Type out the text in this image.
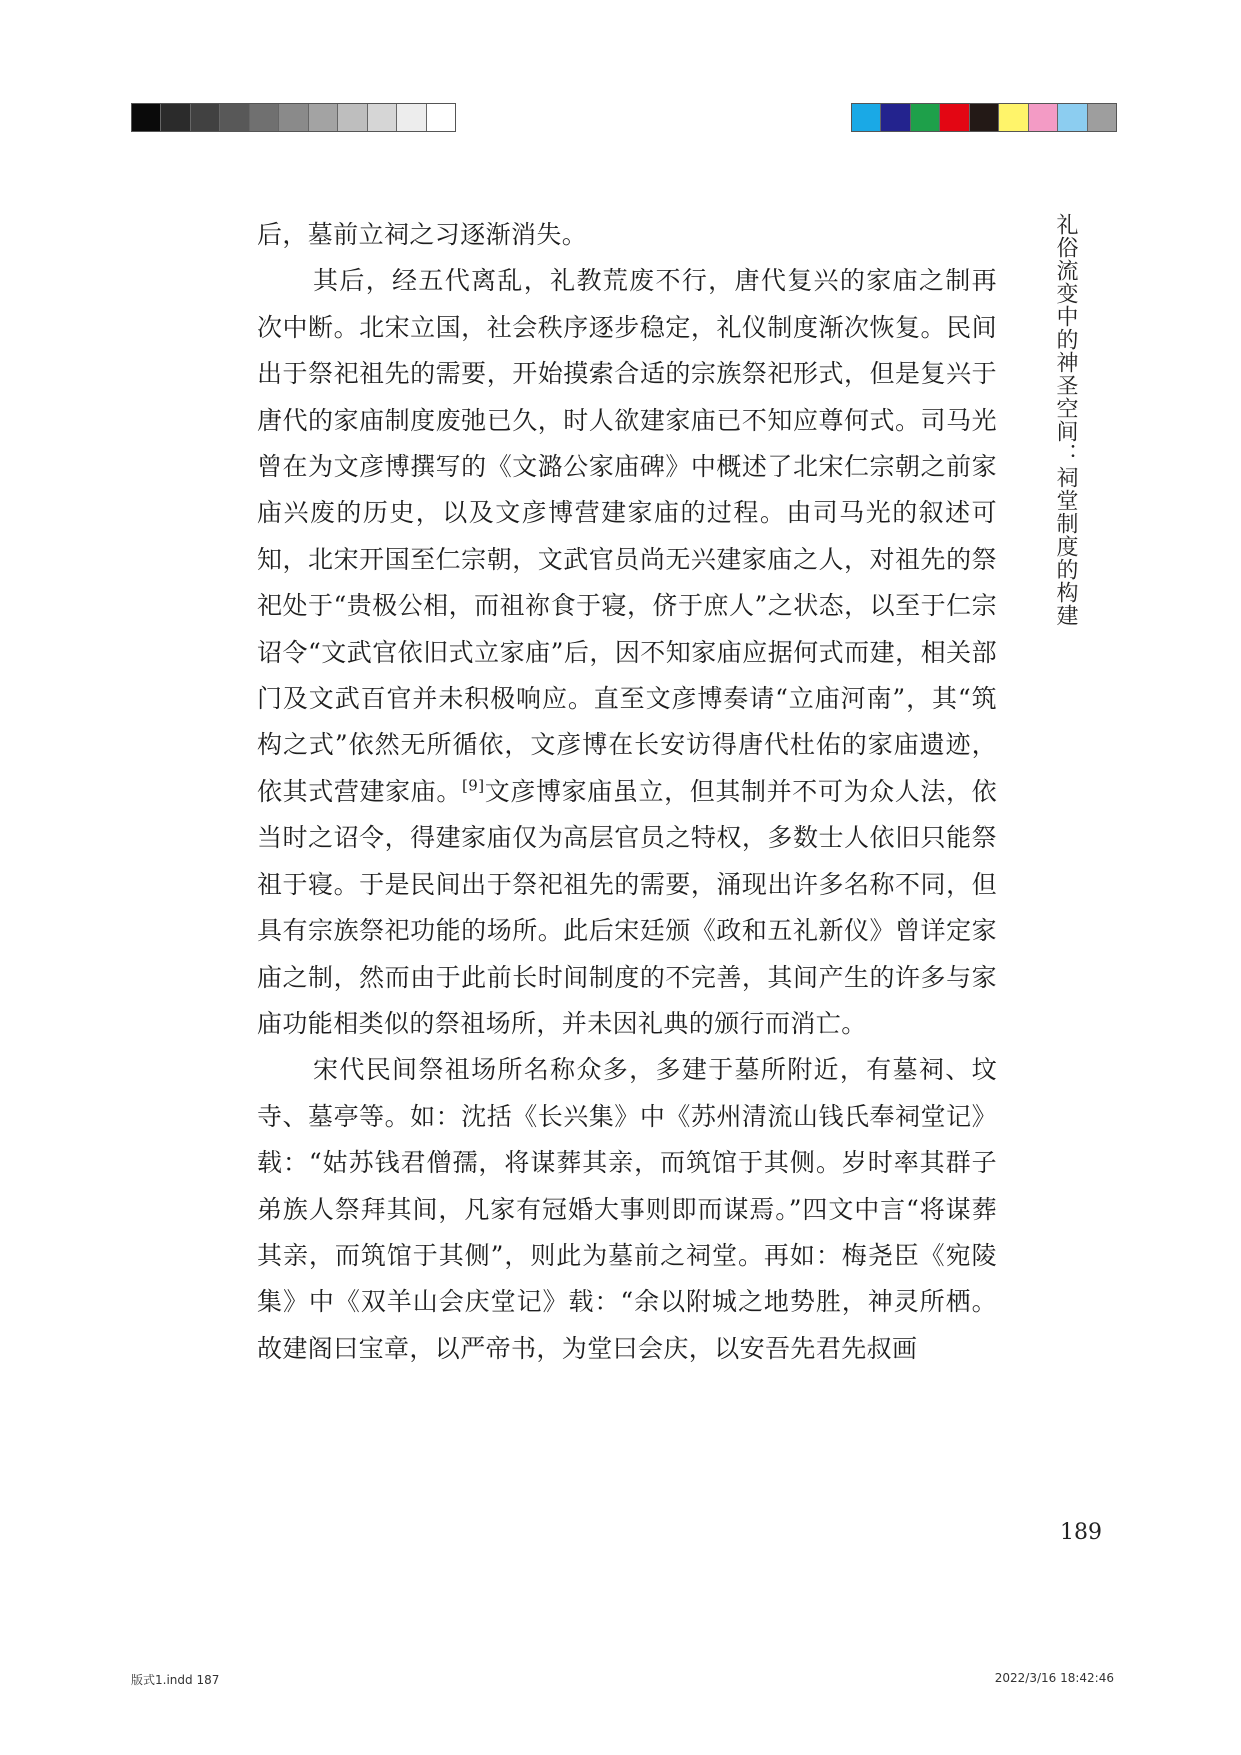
礼俗流变中的神圣空间：祠堂制度的构建

后，墓前立祠之习逐渐消失。

其后，经五代离乱，礼教荒废不行，唐代复兴的家庙之制再次中断。北宋立国，社会秩序逐步稳定，礼仪制度渐次恢复。民间出于祭祀祖先的需要，开始摸索合适的宗族祭祀形式，但是复兴于唐代的家庙制度废弛已久，时人欲建家庙已不知应尊何式。司马光曾在为文彦博撰写的《文潞公家庙碑》中概述了北宋仁宗朝之前家庙兴废的历史，以及文彦博营建家庙的过程。由司马光的叙述可知，北宋开国至仁宗朝，文武官员尚无兴建家庙之人，对祖先的祭祀处于“贵极公相，而祖祢食于寝，侪于庶人”之状态，以至于仁宗诏令“文武官依旧式立家庙”后，因不知家庙应据何式而建，相关部门及文武百官并未积极响应。直至文彦博奏请“立庙河南”，其“筑构之式”依然无所循依，文彦博在长安访得唐代杜佑的家庙遗迹，依其式营建家庙。[9]文彦博家庙虽立，但其制并不可为众人法，依当时之诏令，得建家庙仅为高层官员之特权，多数士人依旧只能祭祖于寝。于是民间出于祭祀祖先的需要，涌现出许多名称不同，但具有宗族祭祀功能的场所。此后宋廷颁《政和五礼新仪》曾详定家庙之制，然而由于此前长时间制度的不完善，其间产生的许多与家庙功能相类似的祭祖场所，并未因礼典的颁行而消亡。

宋代民间祭祖场所名称众多，多建于墓所附近，有墓祠、坟寺、墓亭等。如：沈括《长兴集》中《苏州清流山钱氏奉祠堂记》载：“姑苏钱君僧孺，将谋葬其亲，而筑馆于其侧。岁时率其群子弟族人祭拜其间，凡家有冠婚大事则即而谋焉。”四文中言“将谋葬其亲，而筑馆于其侧”，则此为墓前之祠堂。再如：梅尧臣《宛陵集》中《双羊山会庆堂记》载：“余以附城之地势胜，神灵所栖。故建阁曰宝章，以严帝书，为堂曰会庆，以安吾先君先叔画

189
版式1.indd 187	2022/3/16 18:42:46
